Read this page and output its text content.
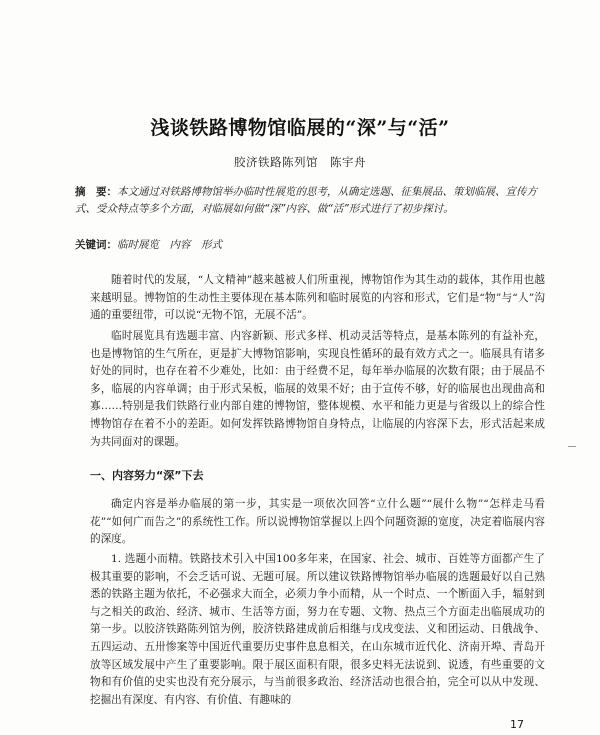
浅谈铁路博物馆临展的“深”与“活”
胶济铁路陈列馆　陈宇舟
摘　要：本文通过对铁路博物馆举办临时性展览的思考，从确定选题、征集展品、策划临展、宣传方式、受众特点等多个方面，对临展如何做“深”内容、做“活”形式进行了初步探讨。
关键词：临时展览　内容　形式

随着时代的发展，“人文精神”越来越被人们所重视，博物馆作为其生动的载体，其作用也越来越明显。博物馆的生动性主要体现在基本陈列和临时展览的内容和形式，它们是“物”与“人”沟通的重要纽带，可以说“无物不馆，无展不活”。

临时展览具有选题丰富、内容新颖、形式多样、机动灵活等特点，是基本陈列的有益补充，也是博物馆的生气所在，更是扩大博物馆影响，实现良性循环的最有效方式之一。临展具有诸多好处的同时，也存在着不少难处，比如：由于经费不足，每年举办临展的次数有限；由于展品不多，临展的内容单调；由于形式呆板，临展的效果不好；由于宣传不够，好的临展也出现曲高和寡……特别是我们铁路行业内部自建的博物馆，整体规模、水平和能力更是与省级以上的综合性博物馆存在着不小的差距。如何发挥铁路博物馆自身特点，让临展的内容深下去，形式活起来成为共同面对的课题。

一、内容努力“深”下去

确定内容是举办临展的第一步，其实是一项依次回答“立什么题”“展什么物”“怎样走马看花”“如何广而告之”的系统性工作。所以说博物馆掌握以上四个问题资源的宽度，决定着临展内容的深度。

1. 选题小而精。铁路技术引入中国100多年来，在国家、社会、城市、百姓等方面都产生了极其重要的影响，不会乏话可说、无题可展。所以建议铁路博物馆举办临展的选题最好以自己熟悉的铁路主题为依托，不必强求大而全，必须力争小而精，从一个时点、一个断面入手，辐射到与之相关的政治、经济、城市、生活等方面，努力在专题、文物、热点三个方面走出临展成功的第一步。以胶济铁路陈列馆为例，胶济铁路建成前后相继与戊戌变法、义和团运动、日俄战争、五四运动、五卅惨案等中国近代重要历史事件息息相关，在山东城市近代化、济南开埠、青岛开放等区域发展中产生了重要影响。限于展区面积有限，很多史料无法说到、说透，有些重要的文物和有价值的史实也没有充分展示，与当前很多政治、经济活动也很合拍，完全可以从中发现、挖掘出有深度、有内容、有价值、有趣味的

17
